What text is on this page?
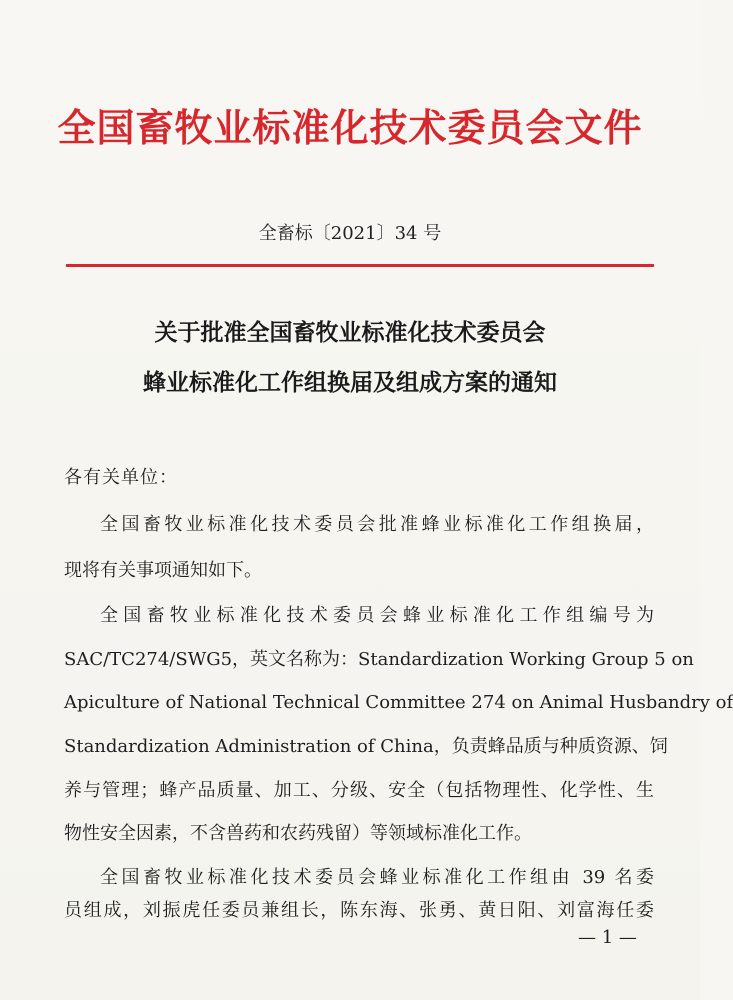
全国畜牧业标准化技术委员会文件
全畜标〔2021〕34 号
关于批准全国畜牧业标准化技术委员会
蜂业标准化工作组换届及组成方案的通知
各有关单位：
全国畜牧业标准化技术委员会批准蜂业标准化工作组换届，
现将有关事项通知如下。
全国畜牧业标准化技术委员会蜂业标准化工作组编号为
SAC/TC274/SWG5，英文名称为：Standardization Working Group 5 on
Apiculture of National Technical Committee 274 on Animal Husbandry of
Standardization Administration of China，负责蜂品质与种质资源、饲
养与管理；蜂产品质量、加工、分级、安全（包括物理性、化学性、生
物性安全因素，不含兽药和农药残留）等领域标准化工作。
全国畜牧业标准化技术委员会蜂业标准化工作组由 39 名委
员组成，刘振虎任委员兼组长，陈东海、张勇、黄日阳、刘富海任委
— 1 —
